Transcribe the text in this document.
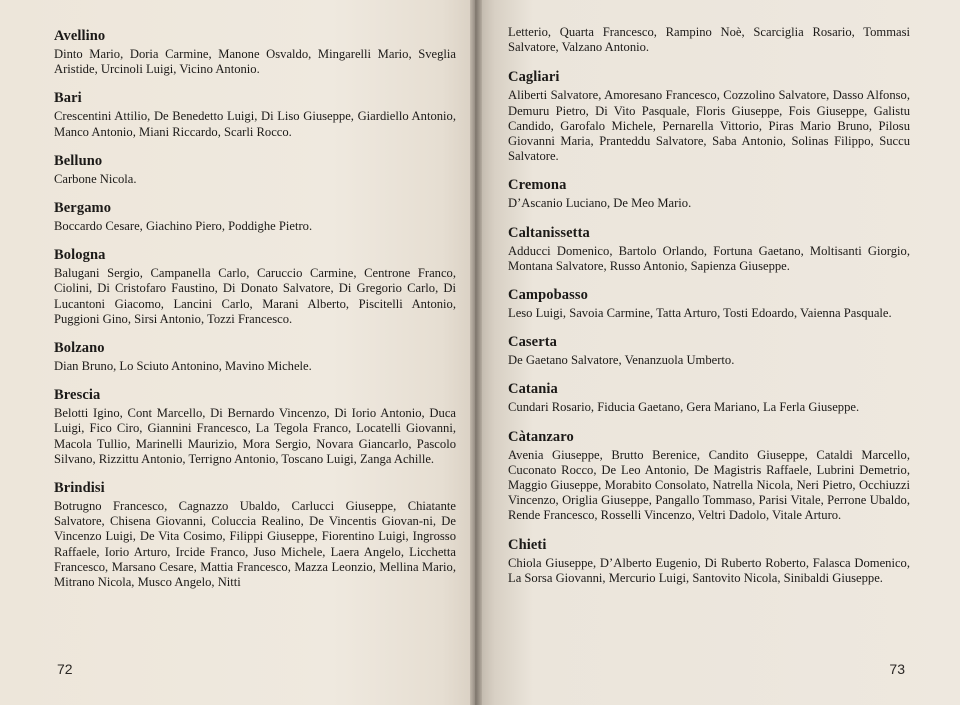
Avellino

Dinto Mario, Doria Carmine, Manone Osvaldo, Mingarelli Mario, Sveglia Aristide, Urcinoli Luigi, Vicino Antonio.

Bari

Crescentini Attilio, De Benedetto Luigi, Di Liso Giuseppe, Giardiello Antonio, Manco Antonio, Miani Riccardo, Scarli Rocco.

Belluno

Carbone Nicola.

Bergamo

Boccardo Cesare, Giachino Piero, Poddighe Pietro.

Bologna

Balugani Sergio, Campanella Carlo, Caruccio Carmine, Centrone Franco, Ciolini, Di Cristofaro Faustino, Di Donato Salvatore, Di Gregorio Carlo, Di Lucantoni Giacomo, Lancini Carlo, Marani Alberto, Piscitelli Antonio, Puggioni Gino, Sirsi Antonio, Tozzi Francesco.

Bolzano

Dian Bruno, Lo Sciuto Antonino, Mavino Michele.

Brescia

Belotti Igino, Cont Marcello, Di Bernardo Vincenzo, Di Iorio Antonio, Duca Luigi, Fico Ciro, Giannini Francesco, La Tegola Franco, Locatelli Giovanni, Macola Tullio, Marinelli Maurizio, Mora Sergio, Novara Giancarlo, Pascolo Silvano, Rizzittu Antonio, Terrigno Antonio, Toscano Luigi, Zanga Achille.

Brindisi

Botrugno Francesco, Cagnazzo Ubaldo, Carlucci Giuseppe, Chiatante Salvatore, Chisena Giovanni, Coluccia Realino, De Vincentis Giovan-ni, De Vincenzo Luigi, De Vita Cosimo, Filippi Giuseppe, Fiorentino Luigi, Ingrosso Raffaele, Iorio Arturo, Ircide Franco, Juso Michele, Laera Angelo, Licchetta Francesco, Marsano Cesare, Mattia Francesco, Mazza Leonzio, Mellina Mario, Mitrano Nicola, Musco Angelo, Nitti

72

Letterio, Quarta Francesco, Rampino Noè, Scarciglia Rosario, Tommasi Salvatore, Valzano Antonio.

Cagliari

Aliberti Salvatore, Amoresano Francesco, Cozzolino Salvatore, Dasso Alfonso, Demuru Pietro, Di Vito Pasquale, Floris Giuseppe, Fois Giuseppe, Galistu Candido, Garofalo Michele, Pernarella Vittorio, Piras Mario Bruno, Pilosu Giovanni Maria, Pranteddu Salvatore, Saba Antonio, Solinas Filippo, Succu Salvatore.

Cremona

D’Ascanio Luciano, De Meo Mario.

Caltanissetta

Adducci Domenico, Bartolo Orlando, Fortuna Gaetano, Moltisanti Giorgio, Montana Salvatore, Russo Antonio, Sapienza Giuseppe.

Campobasso

Leso Luigi, Savoia Carmine, Tatta Arturo, Tosti Edoardo, Vaienna Pasquale.

Caserta

De Gaetano Salvatore, Venanzuola Umberto.

Catania

Cundari Rosario, Fiducia Gaetano, Gera Mariano, La Ferla Giuseppe.

Càtanzaro

Avenia Giuseppe, Brutto Berenice, Candito Giuseppe, Cataldi Marcello, Cuconato Rocco, De Leo Antonio, De Magistris Raffaele, Lubrini Demetrio, Maggio Giuseppe, Morabito Consolato, Natrella Nicola, Neri Pietro, Occhiuzzi Vincenzo, Origlia Giuseppe, Pangallo Tommaso, Parisi Vitale, Perrone Ubaldo, Rende Francesco, Rosselli Vincenzo, Veltri Dadolo, Vitale Arturo.

Chieti

Chiola Giuseppe, D’Alberto Eugenio, Di Ruberto Roberto, Falasca Domenico, La Sorsa Giovanni, Mercurio Luigi, Santovito Nicola, Sinibaldi Giuseppe.

73
